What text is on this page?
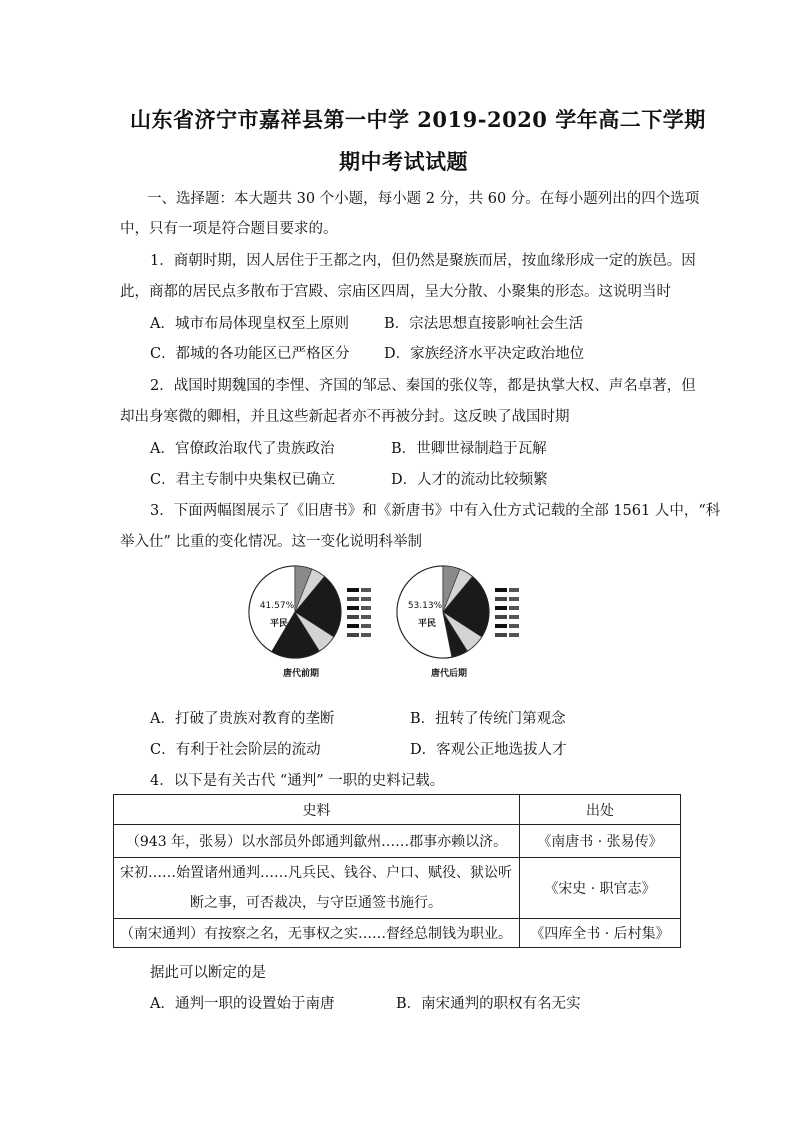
山东省济宁市嘉祥县第一中学 2019-2020 学年高二下学期
期中考试试题
一、选择题：本大题共 30 个小题，每小题 2 分，共 60 分。在每小题列出的四个选项
中，只有一项是符合题目要求的。
1．商朝时期，因人居住于王都之内，但仍然是聚族而居，按血缘形成一定的族邑。因
此，商都的居民点多散布于宫殿、宗庙区四周，呈大分散、小聚集的形态。这说明当时
A．城市布局体现皇权至上原则 B．宗法思想直接影响社会生活
C．都城的各功能区已严格区分 D．家族经济水平决定政治地位
2．战国时期魏国的李悝、齐国的邹忌、秦国的张仪等，都是执掌大权、声名卓著，但
却出身寒微的卿相，并且这些新起者亦不再被分封。这反映了战国时期
A．官僚政治取代了贵族政治	B．世卿世禄制趋于瓦解
C．君主专制中央集权已确立	D．人才的流动比较频繁
3．下面两幅图展示了《旧唐书》和《新唐书》中有入仕方式记载的全部 1561 人中，“科
举入仕” 比重的变化情况。这一变化说明科举制
41.57%
平民
唐代前期
53.13%
平民
唐代后期
A．打破了贵族对教育的垄断	B．扭转了传统门第观念
C．有利于社会阶层的流动	D．客观公正地选拔人才
4．以下是有关古代 “通判” 一职的史料记载。
史料	出处
（943 年，张易）以水部员外郎通判歙州……郡事亦赖以济。	《南唐书 · 张易传》

宋初……始置诸州通判……凡兵民、钱谷、户口、赋役、狱讼听
断之事，可否裁决，与守臣通签书施行。	《宋史 · 职官志》
（南宋通判）有按察之名，无事权之实……督经总制钱为职业。	《四库全书 · 后村集》
据此可以断定的是
A．通判一职的设置始于南唐	B．南宋通判的职权有名无实
